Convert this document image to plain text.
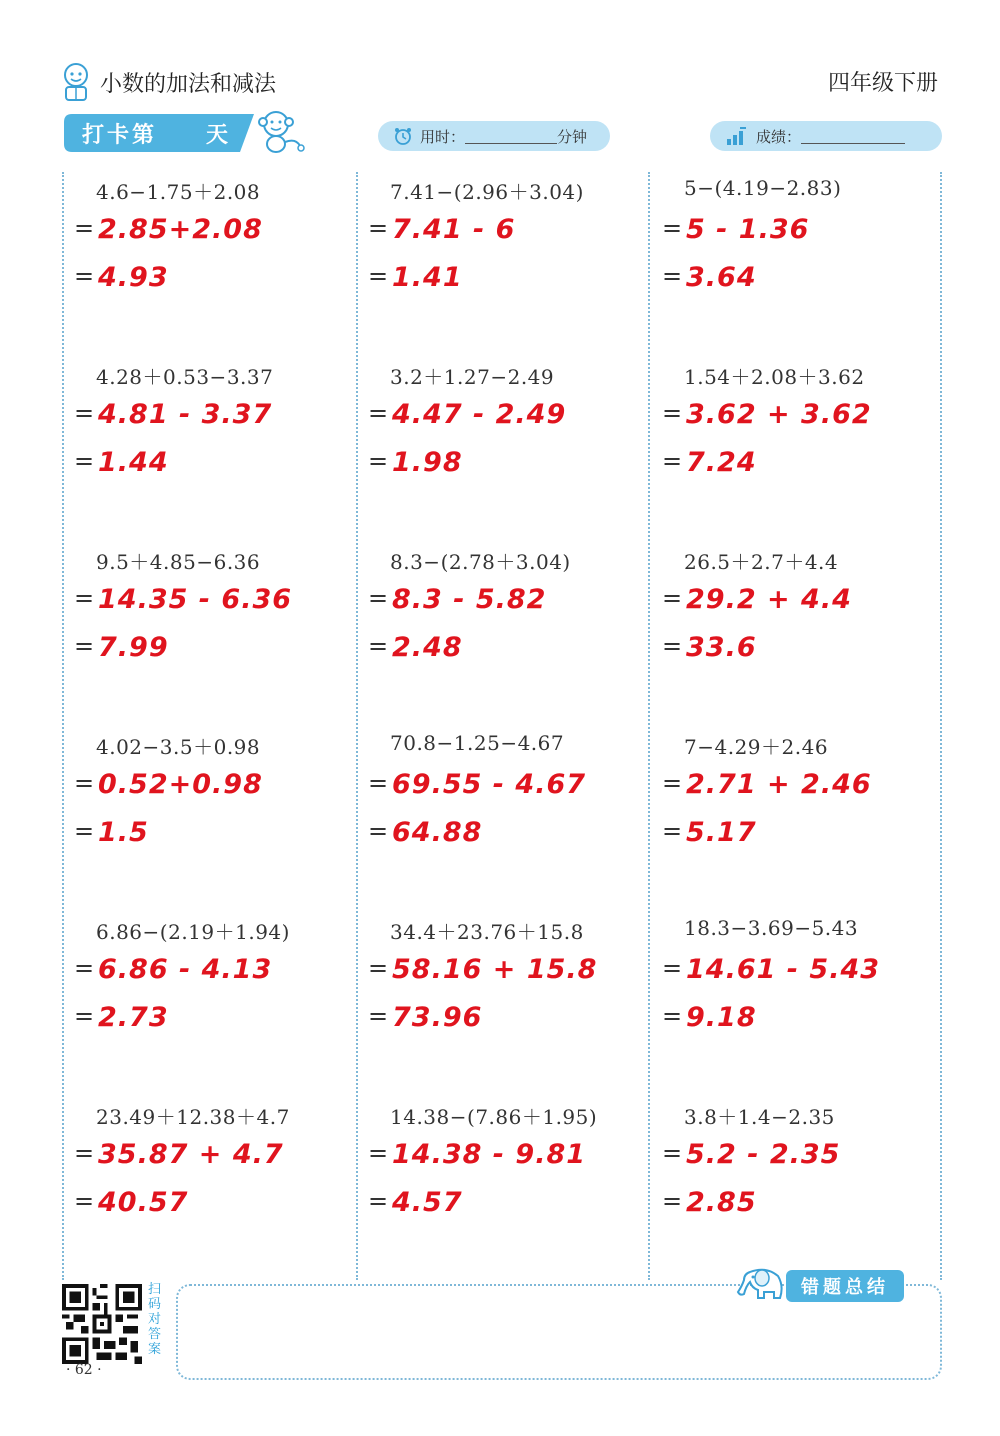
小数的加法和减法	四年级下册
打卡第 天	用时：	分钟	成绩：
4.6−1.75＋2.08
= 2.85+2.08
= 4.93
4.28＋0.53−3.37
= 4.81 - 3.37
= 1.44
9.5＋4.85−6.36
= 14.35 - 6.36
= 7.99
4.02−3.5＋0.98
= 0.52+0.98
= 1.5
6.86−(2.19＋1.94)
= 6.86 - 4.13
= 2.73
23.49＋12.38＋4.7
= 35.87 + 4.7
= 40.57
7.41−(2.96＋3.04)
= 7.41 - 6
= 1.41
3.2＋1.27−2.49
= 4.47 - 2.49
= 1.98
8.3−(2.78＋3.04)
= 8.3 - 5.82
= 2.48
70.8−1.25−4.67
= 69.55 - 4.67
= 64.88
34.4＋23.76＋15.8
= 58.16 + 15.8
= 73.96
14.38−(7.86＋1.95)
= 14.38 - 9.81
= 4.57
5−(4.19−2.83)
= 5 - 1.36
= 3.64
1.54＋2.08＋3.62
= 3.62 + 3.62
= 7.24
26.5＋2.7＋4.4
= 29.2 + 4.4
= 33.6
7−4.29＋2.46
= 2.71 + 2.46
= 5.17
18.3−3.69−5.43
= 14.61 - 5.43
= 9.18
3.8＋1.4−2.35
= 5.2 - 2.35
= 2.85
扫码对答案
· 62 ·
错题总结
